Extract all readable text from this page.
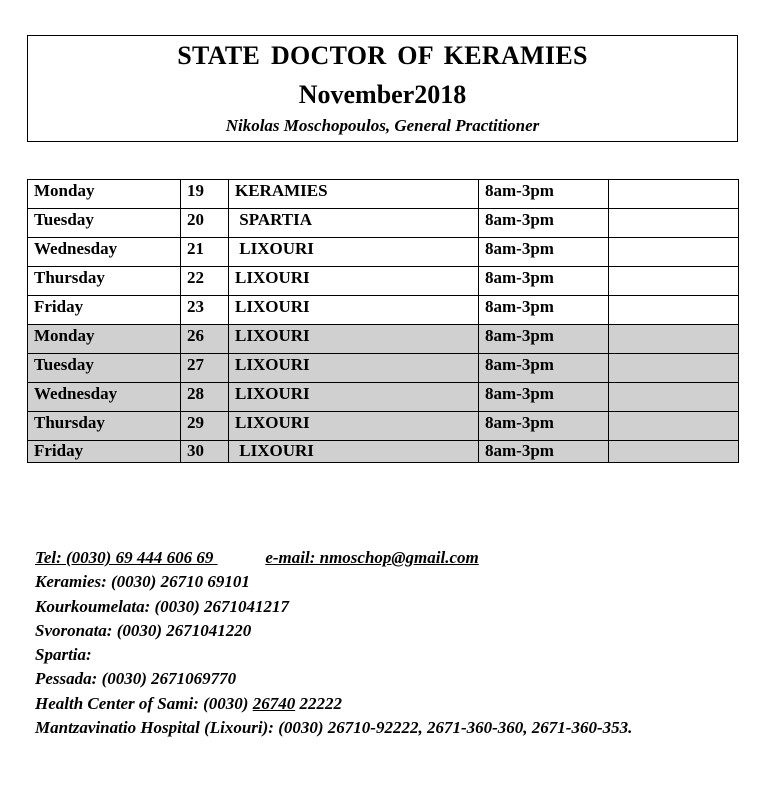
STATE DOCTOR OF KERAMIES
November2018
Nikolas Moschopoulos, General Practitioner
Monday	19	KERAMIES	8am-3pm	
Tuesday	20	SPARTIA	8am-3pm	
Wednesday	21	LIXOURI	8am-3pm	
Thursday	22	LIXOURI	8am-3pm	
Friday	23	LIXOURI	8am-3pm	
Monday	26	LIXOURI	8am-3pm	
Tuesday	27	LIXOURI	8am-3pm	
Wednesday	28	LIXOURI	8am-3pm	
Thursday	29	LIXOURI	8am-3pm	
Friday	30	LIXOURI	8am-3pm	
Tel: (0030) 69 444 606 69	e-mail: nmoschop@gmail.com
Keramies: (0030) 26710 69101
Kourkoumelata: (0030) 2671041217
Svoronata: (0030) 2671041220
Spartia:
Pessada: (0030) 2671069770
Health Center of Sami: (0030) 26740 22222
Mantzavinatio Hospital (Lixouri): (0030) 26710-92222, 2671-360-360, 2671-360-353.
